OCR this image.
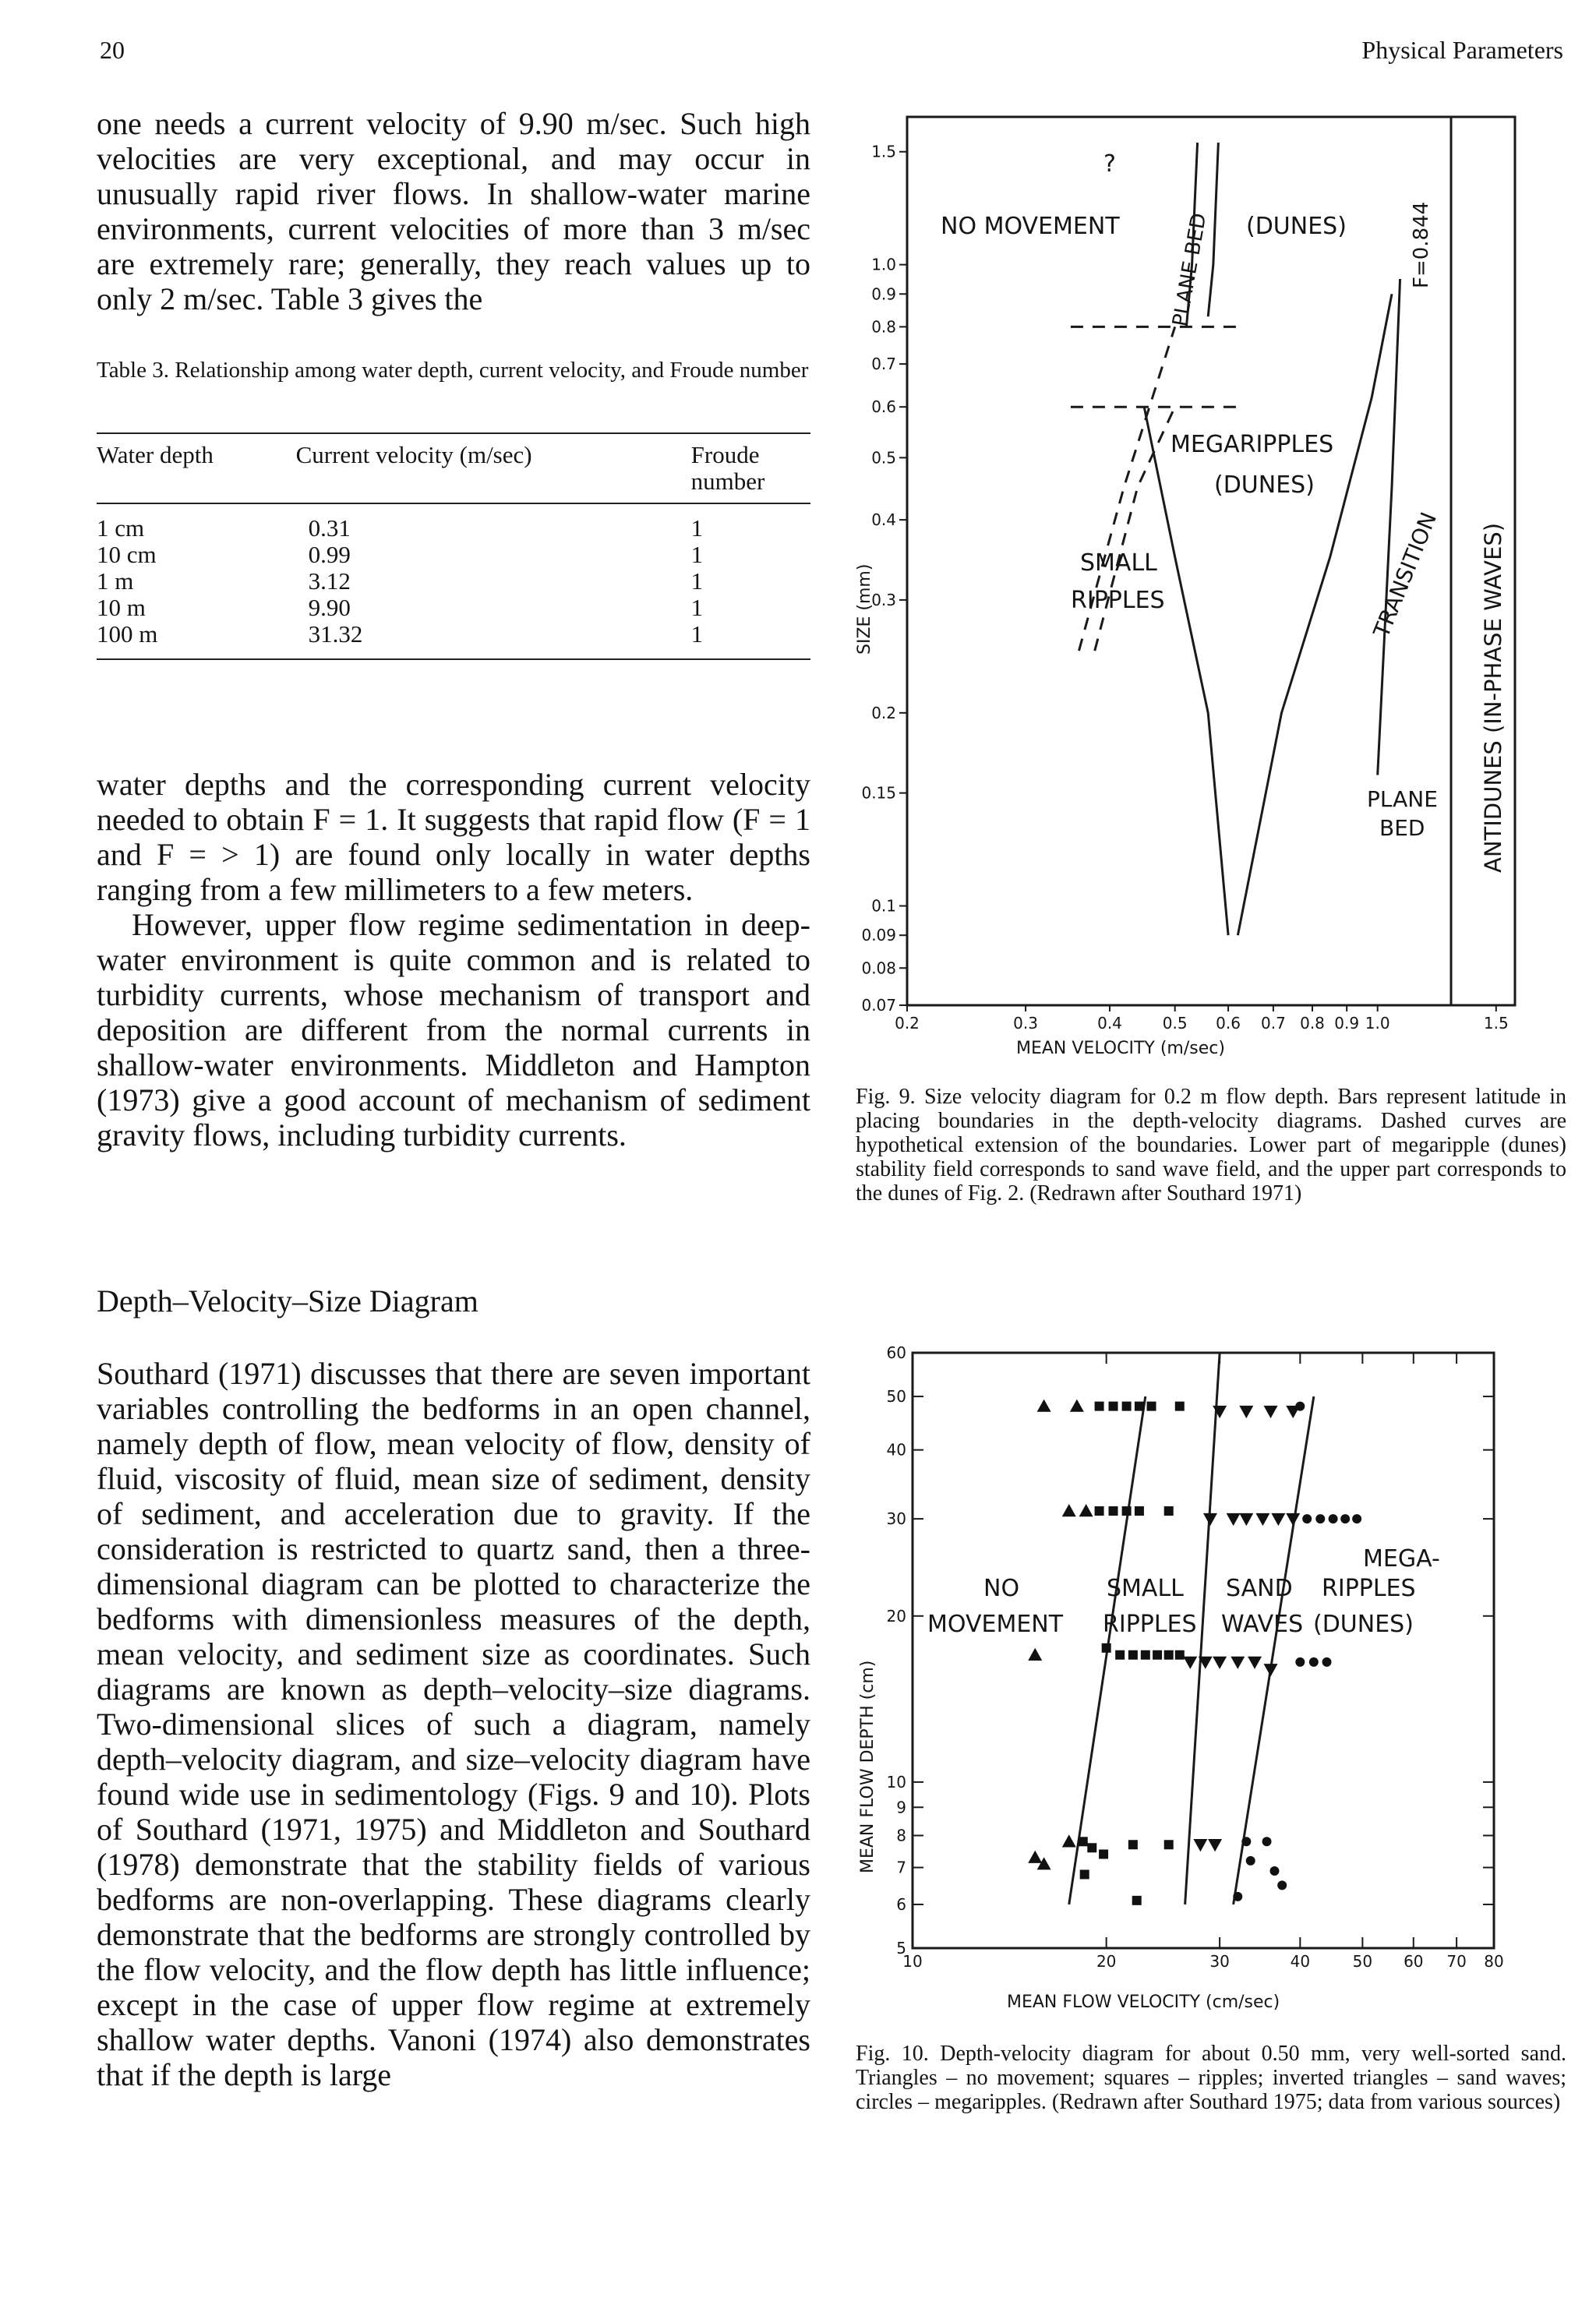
20	Physical Parameters

one needs a current velocity of 9.90 m/sec. Such high velocities are very exceptional, and may occur in unusually rapid river flows. In shallow-water marine environments, current velocities of more than 3 m/sec are extremely rare; generally, they reach values up to only 2 m/sec. Table 3 gives the

Table 3. Relationship among water depth, current velocity, and Froude number
Water depth	Current velocity (m/sec)	Froude number
1 cm	0.31	1
10 cm	0.99	1
1 m	3.12	1
10 m	9.90	1
100 m	31.32	1

water depths and the corresponding current velocity needed to obtain F = 1. It suggests that rapid flow (F = 1 and F = > 1) are found only locally in water depths ranging from a few millimeters to a few meters.

However, upper flow regime sedimentation in deep-water environment is quite common and is related to turbidity currents, whose mechanism of transport and deposition are different from the normal currents in shallow-water environments. Middleton and Hampton (1973) give a good account of mechanism of sediment gravity flows, including turbidity currents.

Depth–Velocity–Size Diagram

Southard (1971) discusses that there are seven important variables controlling the bedforms in an open channel, namely depth of flow, mean velocity of flow, density of fluid, viscosity of fluid, mean size of sediment, density of sediment, and acceleration due to gravity. If the consideration is restricted to quartz sand, then a three-dimensional diagram can be plotted to characterize the bedforms with dimensionless measures of the depth, mean velocity, and sediment size as coordinates. Such diagrams are known as depth–velocity–size diagrams. Two-dimensional slices of such a diagram, namely depth–velocity diagram, and size–velocity diagram have found wide use in sedimentology (Figs. 9 and 10). Plots of Southard (1971, 1975) and Middleton and Southard (1978) demonstrate that the stability fields of various bedforms are non-overlapping. These diagrams clearly demonstrate that the bedforms are strongly controlled by the flow velocity, and the flow depth has little influence; except in the case of upper flow regime at extremely shallow water depths. Vanoni (1974) also demonstrates that if the depth is large

0.07
0.08
0.09
0.1
0.15
0.2
0.3
0.4
0.5
0.6
0.7
0.8
0.9
1.0
1.5
0.2	0.3	0.4	0.5 0.6 0.7 0.8 0.9 1.0	1.5
NO MOVEMENT	(DUNES)
?
PLANE BED	F=0.844
MEGARIPPLES
(DUNES)
TRANSITION
SMALL
RIPPLES
PLANE
BED ANTIDUNES (IN-PHASE WAVES)
SIZE (mm)
MEAN VELOCITY (m/sec)
Fig. 9. Size velocity diagram for 0.2 m flow depth. Bars represent latitude in placing boundaries in the depth-velocity diagrams. Dashed curves are hypothetical extension of the boundaries. Lower part of megaripple (dunes) stability field corresponds to sand wave field, and the upper part corresponds to the dunes of Fig. 2. (Redrawn after Southard 1971)
5
6
7
8
9
10
20
30
40
50
60
10	20	30	40	50 60 70 80
NO
MOVEMENT
SMALL
RIPPLES
SAND
WAVES
MEGA-
RIPPLES
(DUNES)
MEAN FLOW DEPTH (cm)
MEAN FLOW VELOCITY (cm/sec)
Fig. 10. Depth-velocity diagram for about 0.50 mm, very well-sorted sand. Triangles – no movement; squares – ripples; inverted triangles – sand waves; circles – megaripples. (Redrawn after Southard 1975; data from various sources)
